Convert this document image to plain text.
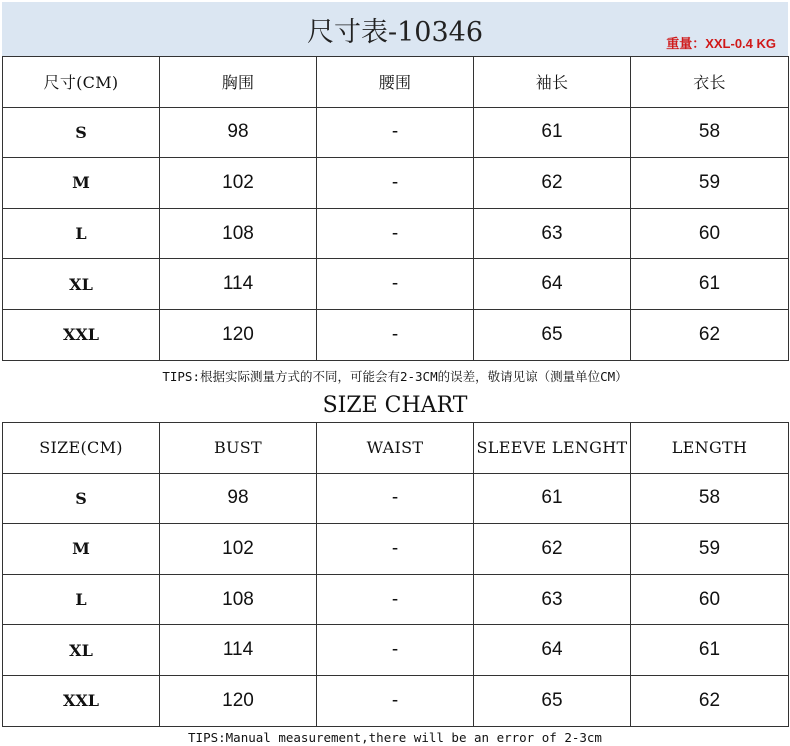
尺寸表-10346	重量：XXL-0.4 KG
尺寸(CM)	胸围	腰围	袖长	衣长
S	98	-	61	58
M	102	-	62	59
L	108	-	63	60
XL	114	-	64	61
XXL	120	-	65	62
TIPS:根据实际测量方式的不同，可能会有2-3CM的误差，敬请见谅（测量单位CM）
SIZE CHART
SIZE(CM)	BUST	WAIST	SLEEVE LENGHT	LENGTH
S	98	-	61	58
M	102	-	62	59
L	108	-	63	60
XL	114	-	64	61
XXL	120	-	65	62
TIPS:Manual measurement,there will be an error of 2-3cm
